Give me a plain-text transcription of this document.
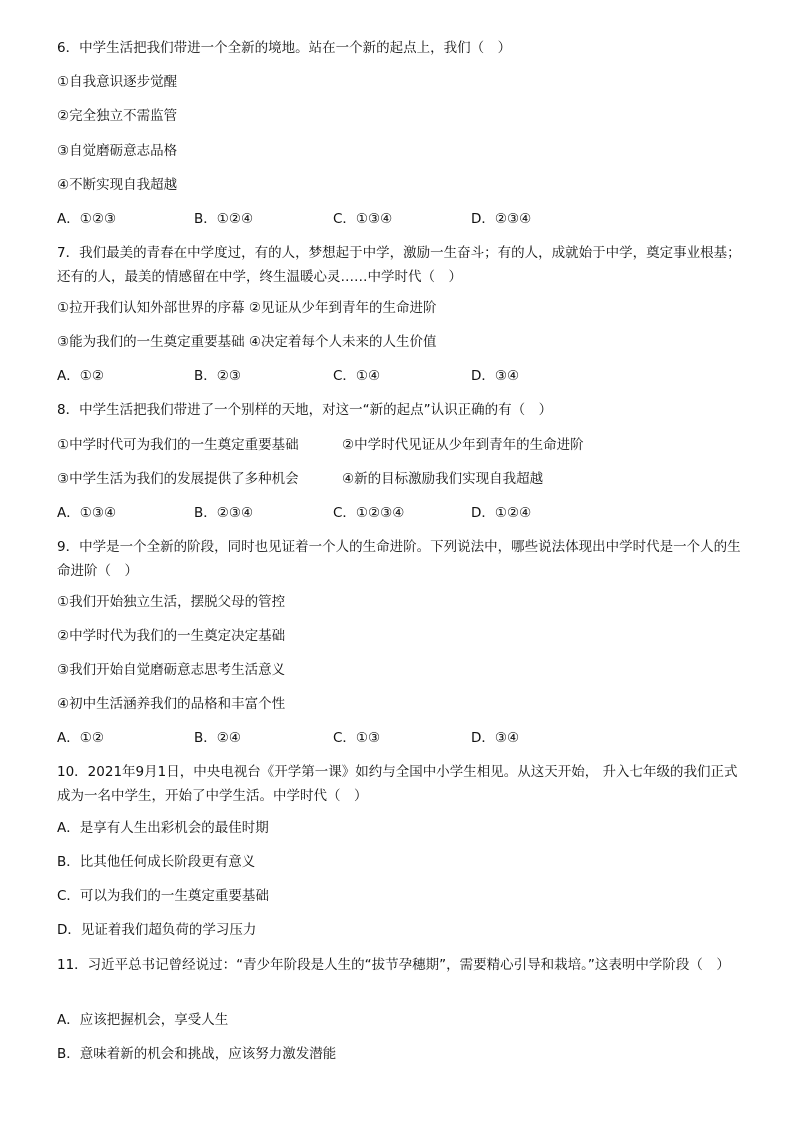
6．中学生活把我们带进一个全新的境地。站在一个新的起点上，我们（　）
①自我意识逐步觉醒
②完全独立不需监管
③自觉磨砺意志品格
④不断实现自我超越
A．①②③	B．①②④	C．①③④	D．②③④
7．我们最美的青春在中学度过，有的人，梦想起于中学，激励一生奋斗；有的人，成就始于中学，奠定事业根基；还有的人，最美的情感留在中学，终生温暖心灵……中学时代（　）
①拉开我们认知外部世界的序幕 ②见证从少年到青年的生命进阶
③能为我们的一生奠定重要基础 ④决定着每个人未来的人生价值
A．①②	B．②③	C．①④	D．③④
8．中学生活把我们带进了一个别样的天地，对这一“新的起点”认识正确的有（　）
①中学时代可为我们的一生奠定重要基础	②中学时代见证从少年到青年的生命进阶
③中学生活为我们的发展提供了多种机会	④新的目标激励我们实现自我超越
A．①③④	B．②③④	C．①②③④	D．①②④
9．中学是一个全新的阶段，同时也见证着一个人的生命进阶。下列说法中，哪些说法体现出中学时代是一个人的生命进阶（　）
①我们开始独立生活，摆脱父母的管控
②中学时代为我们的一生奠定决定基础
③我们开始自觉磨砺意志思考生活意义
④初中生活涵养我们的品格和丰富个性
A．①②	B．②④	C．①③	D．③④
10．2021年9月1日，中央电视台《开学第一课》如约与全国中小学生相见。从这天开始， 升入七年级的我们正式成为一名中学生，开始了中学生活。中学时代（　）
A．是享有人生出彩机会的最佳时期
B．比其他任何成长阶段更有意义
C．可以为我们的一生奠定重要基础
D．见证着我们超负荷的学习压力
11．习近平总书记曾经说过：“青少年阶段是人生的“拔节孕穗期”，需要精心引导和栽培。”这表明中学阶段（　）
A．应该把握机会，享受人生
B．意味着新的机会和挑战，应该努力激发潜能
